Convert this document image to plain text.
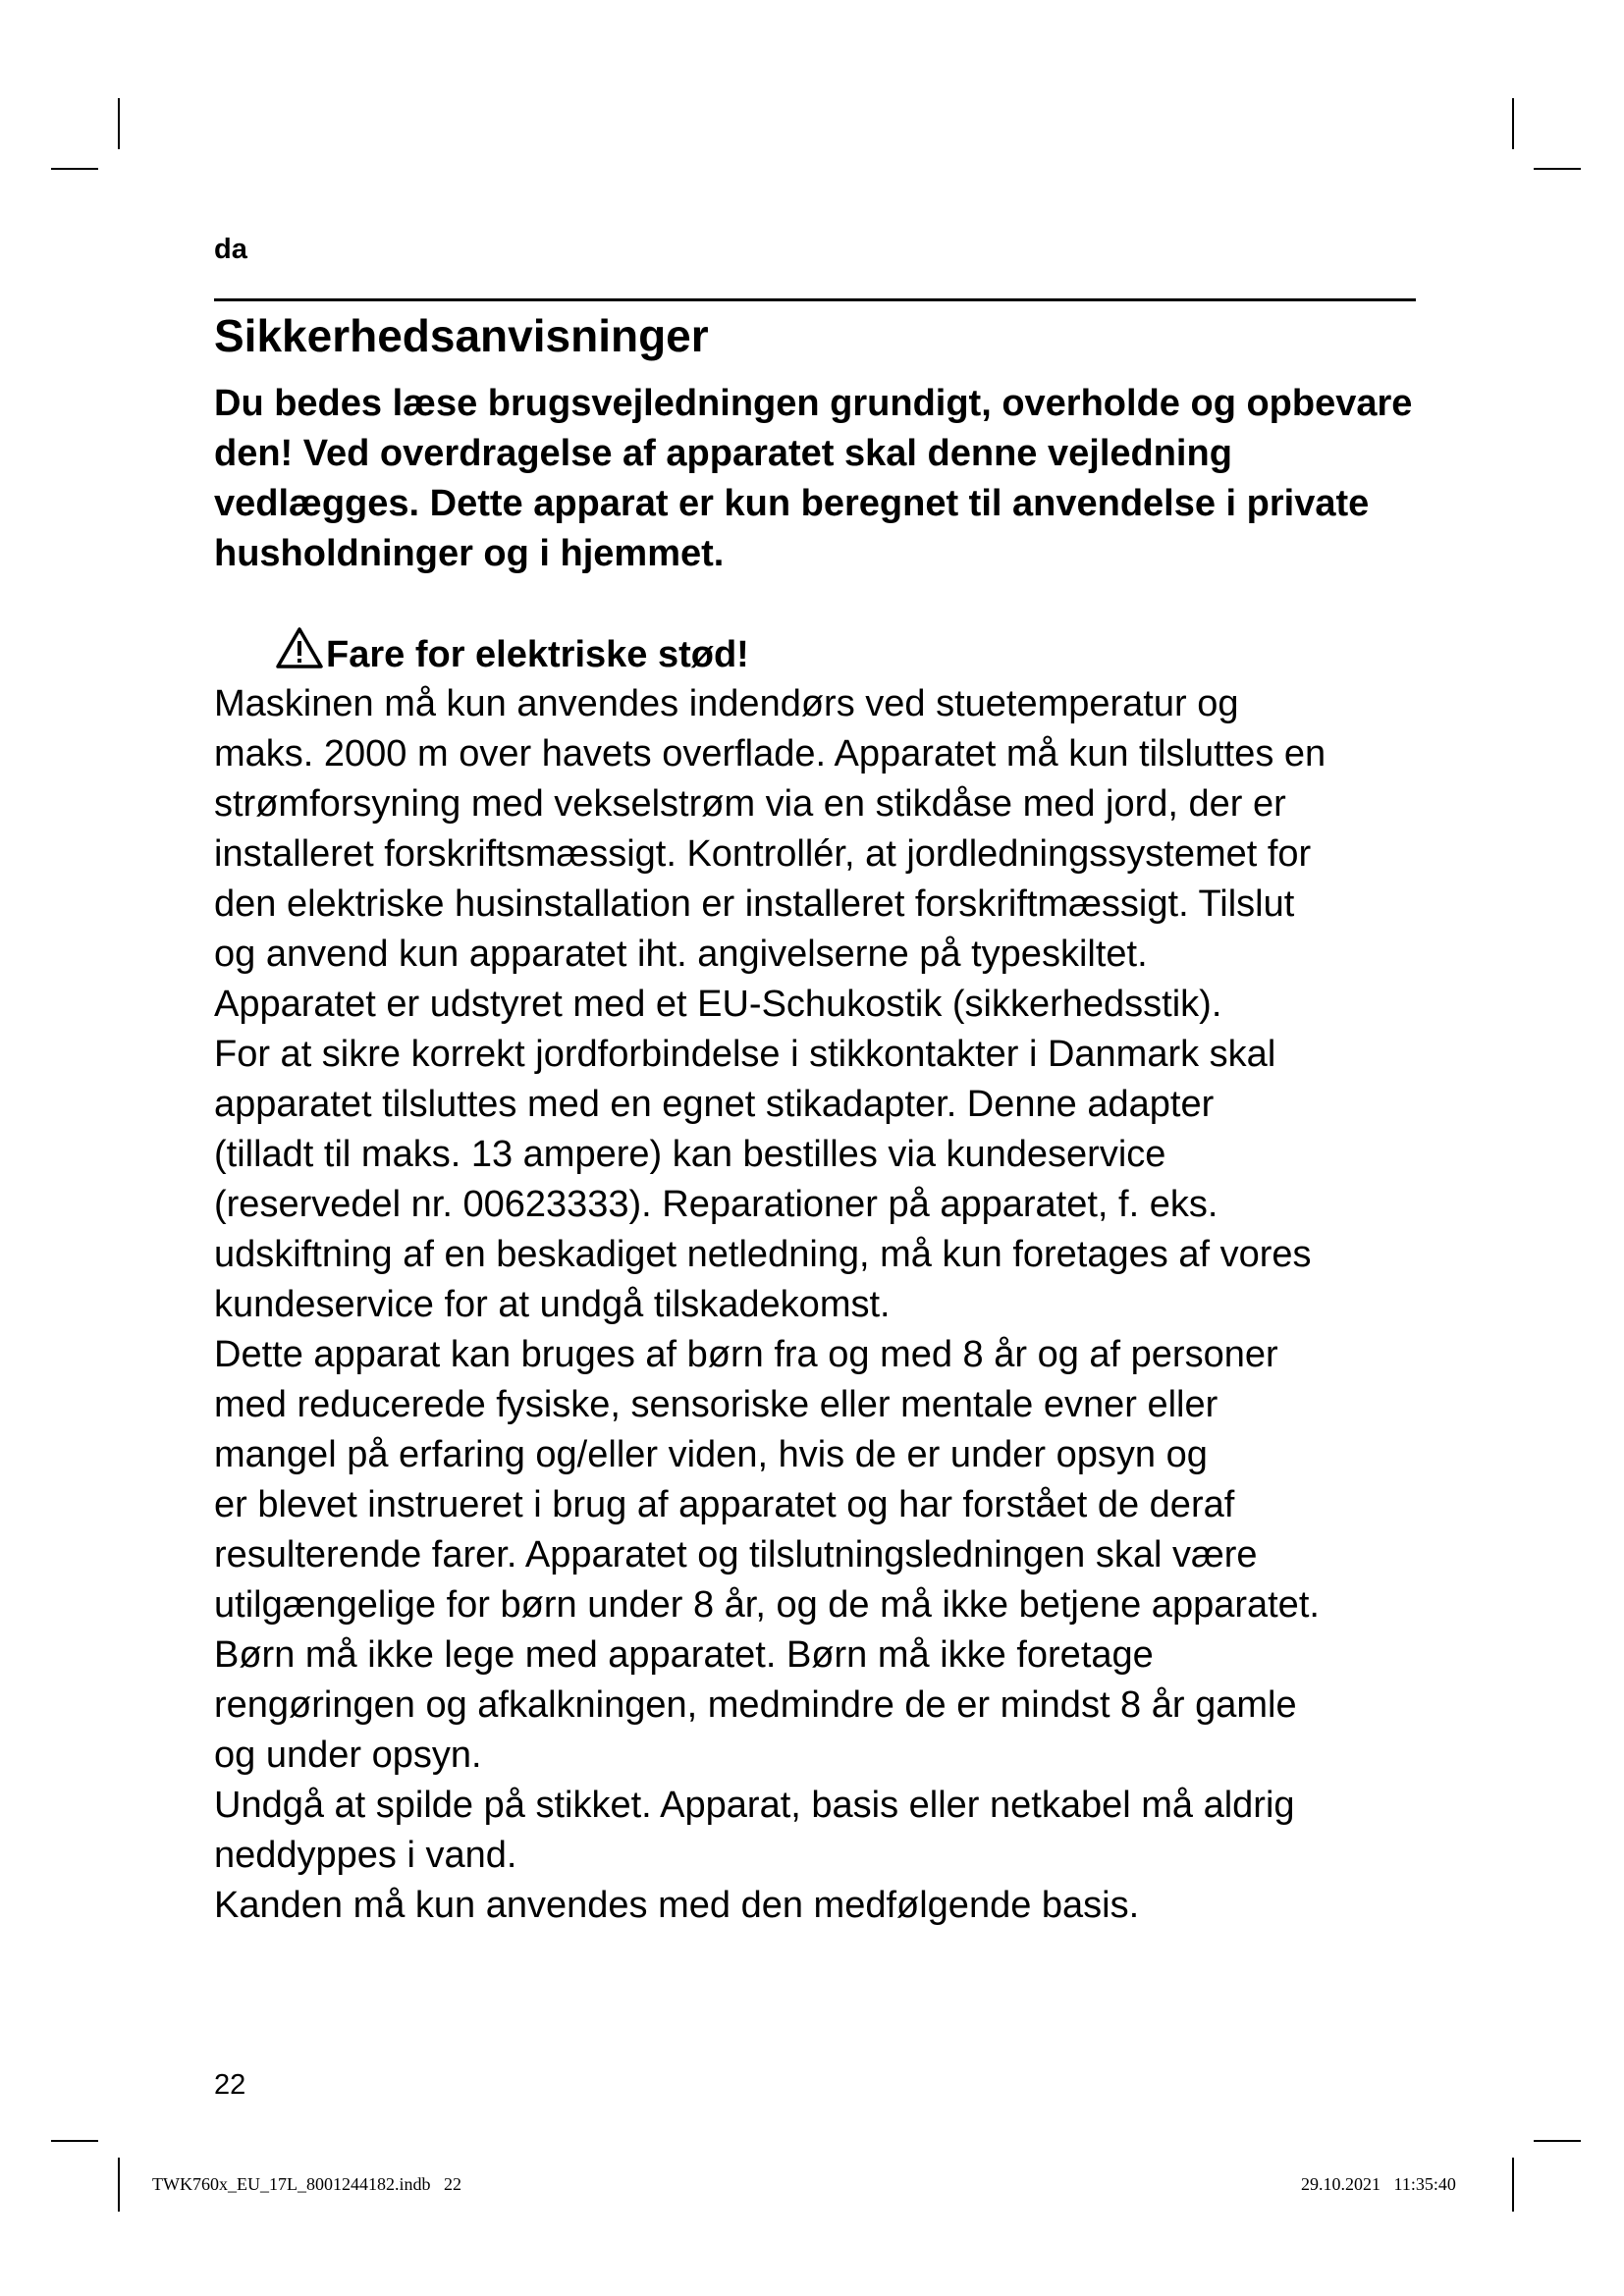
da
Sikkerhedsanvisninger

Du bedes læse brugsvejledningen grundigt, overholde og opbevare den! Ved overdragelse af apparatet skal denne vejledning vedlægges. Dette apparat er kun beregnet til anvendelse i private husholdninger og i hjemmet.

Fare for elektriske stød!
Maskinen må kun anvendes indendørs ved stuetemperatur og
maks. 2000 m over havets overflade. Apparatet må kun tilsluttes en
strømforsyning med vekselstrøm via en stikdåse med jord, der er
installeret forskriftsmæssigt. Kontrollér, at jordledningssystemet for
den elektriske husinstallation er installeret forskriftmæssigt. Tilslut
og anvend kun apparatet iht. angivelserne på typeskiltet.
Apparatet er udstyret med et EU-Schukostik (sikkerhedsstik).
For at sikre korrekt jordforbindelse i stikkontakter i Danmark skal
apparatet tilsluttes med en egnet stikadapter. Denne adapter
(tilladt til maks. 13 ampere) kan bestilles via kundeservice
(reservedel nr. 00623333). Reparationer på apparatet, f. eks.
udskiftning af en beskadiget netledning, må kun foretages af vores
kundeservice for at undgå tilskadekomst.
Dette apparat kan bruges af børn fra og med 8 år og af personer
med reducerede fysiske, sensoriske eller mentale evner eller
mangel på erfaring og/eller viden, hvis de er under opsyn og
er blevet instrueret i brug af apparatet og har forstået de deraf
resulterende farer. Apparatet og tilslutningsledningen skal være
utilgængelige for børn under 8 år, og de må ikke betjene apparatet.
Børn må ikke lege med apparatet. Børn må ikke foretage
rengøringen og afkalkningen, medmindre de er mindst 8 år gamle
og under opsyn.
Undgå at spilde på stikket. Apparat, basis eller netkabel må aldrig
neddyppes i vand.
Kanden må kun anvendes med den medfølgende basis.
22
TWK760x_EU_17L_8001244182.indb   22	29.10.2021   11:35:40
